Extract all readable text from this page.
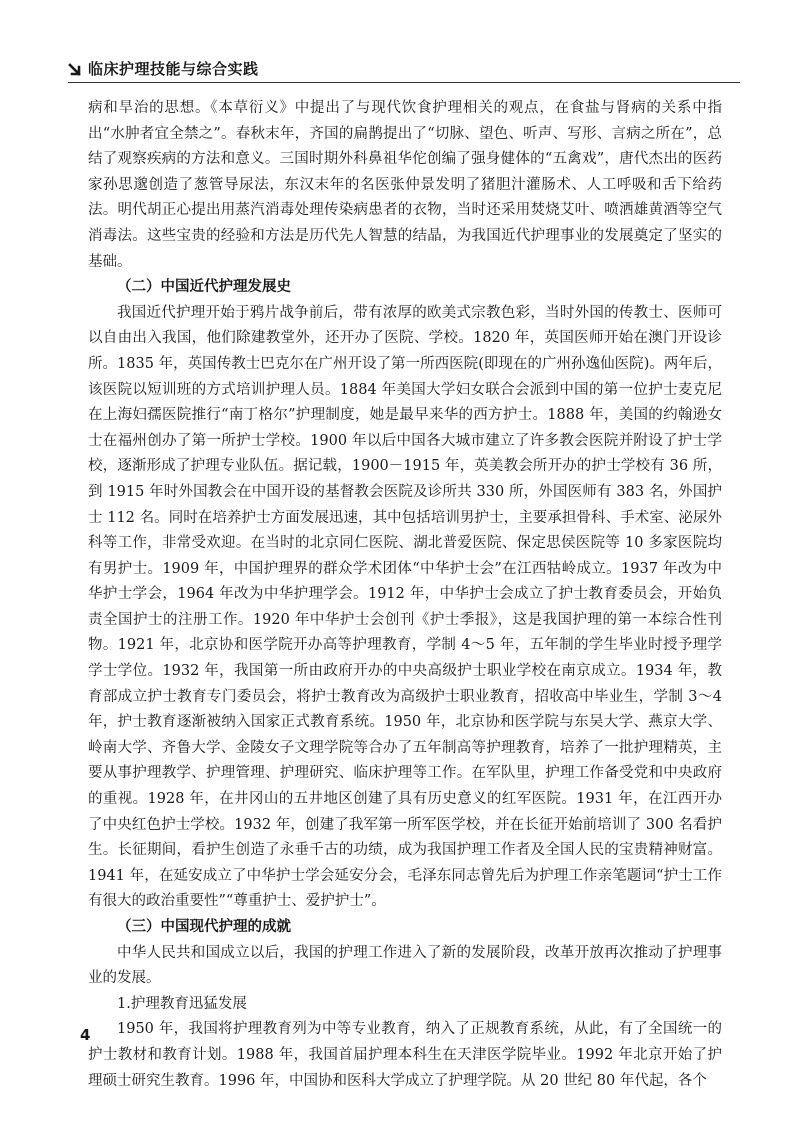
临床护理技能与综合实践

病和旱治的思想。《本草衍义》中提出了与现代饮食护理相关的观点，在食盐与肾病的关系中指出“水肿者宜全禁之”。春秋末年，齐国的扁鹊提出了“切脉、望色、听声、写形、言病之所在”，总结了观察疾病的方法和意义。三国时期外科鼻祖华佗创编了强身健体的“五禽戏”，唐代杰出的医药家孙思邈创造了葱管导尿法，东汉末年的名医张仲景发明了猪胆汁灌肠术、人工呼吸和舌下给药法。明代胡正心提出用蒸汽消毒处理传染病患者的衣物，当时还采用焚烧艾叶、喷洒雄黄酒等空气消毒法。这些宝贵的经验和方法是历代先人智慧的结晶，为我国近代护理事业的发展奠定了坚实的基础。

（二）中国近代护理发展史

我国近代护理开始于鸦片战争前后，带有浓厚的欧美式宗教色彩，当时外国的传教士、医师可以自由出入我国，他们除建教堂外，还开办了医院、学校。1820 年，英国医师开始在澳门开设诊所。1835 年，英国传教士巴克尔在广州开设了第一所西医院(即现在的广州孙逸仙医院)。两年后，该医院以短训班的方式培训护理人员。1884 年美国大学妇女联合会派到中国的第一位护士麦克尼在上海妇孺医院推行“南丁格尔”护理制度，她是最早来华的西方护士。1888 年，美国的约翰逊女士在福州创办了第一所护士学校。1900 年以后中国各大城市建立了许多教会医院并附设了护士学校，逐渐形成了护理专业队伍。据记载，1900－1915 年，英美教会所开办的护士学校有 36 所，到 1915 年时外国教会在中国开设的基督教会医院及诊所共 330 所，外国医师有 383 名，外国护士 112 名。同时在培养护士方面发展迅速，其中包括培训男护士，主要承担骨科、手术室、泌尿外科等工作，非常受欢迎。在当时的北京同仁医院、湖北普爱医院、保定思侯医院等 10 多家医院均有男护士。1909 年，中国护理界的群众学术团体“中华护士会”在江西牯岭成立。1937 年改为中华护士学会，1964 年改为中华护理学会。1912 年，中华护士会成立了护士教育委员会，开始负责全国护士的注册工作。1920 年中华护士会创刊《护士季报》，这是我国护理的第一本综合性刊物。1921 年，北京协和医学院开办高等护理教育，学制 4～5 年，五年制的学生毕业时授予理学学士学位。1932 年，我国第一所由政府开办的中央高级护士职业学校在南京成立。1934 年，教育部成立护士教育专门委员会，将护士教育改为高级护士职业教育，招收高中毕业生，学制 3～4 年，护士教育逐渐被纳入国家正式教育系统。1950 年，北京协和医学院与东吴大学、燕京大学、岭南大学、齐鲁大学、金陵女子文理学院等合办了五年制高等护理教育，培养了一批护理精英，主要从事护理教学、护理管理、护理研究、临床护理等工作。在军队里，护理工作备受党和中央政府的重视。1928 年，在井冈山的五井地区创建了具有历史意义的红军医院。1931 年，在江西开办了中央红色护士学校。1932 年，创建了我军第一所军医学校，并在长征开始前培训了 300 名看护生。长征期间，看护生创造了永垂千古的功绩，成为我国护理工作者及全国人民的宝贵精神财富。1941 年，在延安成立了中华护士学会延安分会，毛泽东同志曾先后为护理工作亲笔题词“护士工作有很大的政治重要性”“尊重护士、爱护护士”。

（三）中国现代护理的成就

中华人民共和国成立以后，我国的护理工作进入了新的发展阶段，改革开放再次推动了护理事业的发展。

1.护理教育迅猛发展

1950 年，我国将护理教育列为中等专业教育，纳入了正规教育系统，从此，有了全国统一的护士教材和教育计划。1988 年，我国首届护理本科生在天津医学院毕业。1992 年北京开始了护理硕士研究生教育。1996 年，中国协和医科大学成立了护理学院。从 20 世纪 80 年代起，各个

4
